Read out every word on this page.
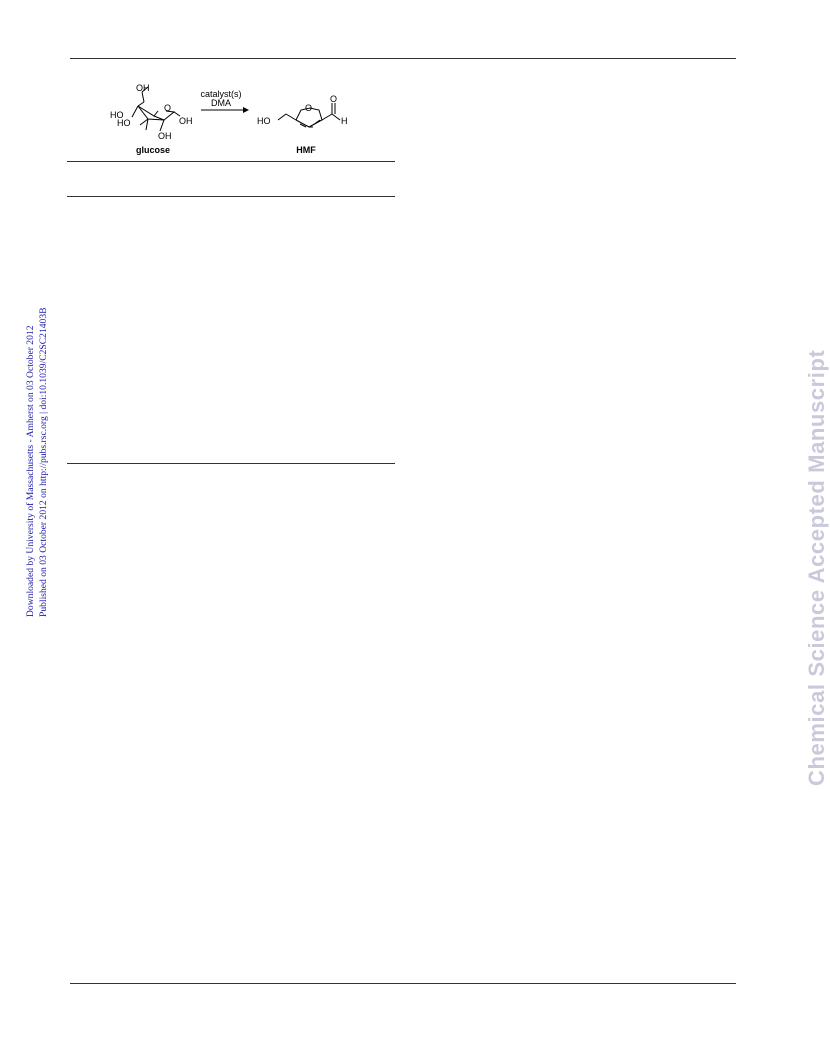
OH
HO
HO
O
OH
OH
glucose
catalyst(s)
DMA
HO
O
O
H
HMF
Downloaded by University of Massachusetts - Amherst on 03 October 2012 Published on 03 October 2012 on http://pubs.rsc.org | doi:10.1039/C2SC21403B	Chemical Science Accepted Manuscript
